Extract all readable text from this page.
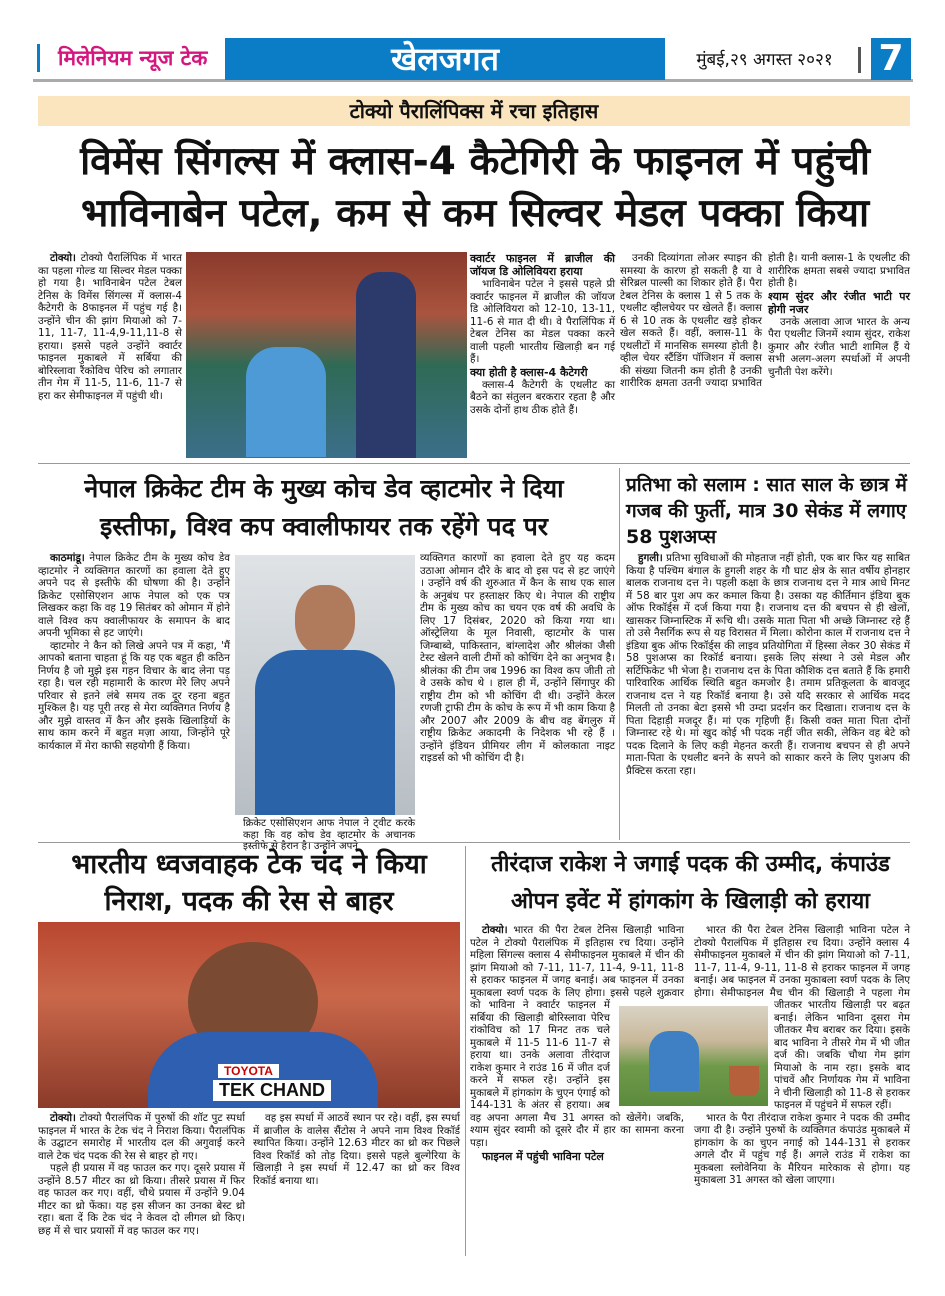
मिलेनियम न्यूज टेक	खेलजगत	मुंबई,२९ अगस्त २०२१	7
टोक्यो पैरालिंपिक्स में रचा इतिहास
विमेंस सिंगल्स में क्लास-4 कैटेगिरी के फाइनल में पहुंची
भाविनाबेन पटेल, कम से कम सिल्वर मेडल पक्का किया

टोक्यो। टोक्यो पैरालिंपिक में भारत का पहला गोल्ड या सिल्वर मेडल पक्का हो गया है। भाविनाबेन पटेल टेबल टेनिस के विमेंस सिंगल्स में क्लास-4 कैटेगरी के 8फाइनल में पहुंच गई है। उन्होंने चीन की झांग मियाओ को 7-11, 11-7, 11-4,9-11,11-8 से हराया। इससे पहले उन्होंने क्वार्टर फाइनल मुकाबले में सर्बिया की बोरिस्लावा रैंकोविच पेरिच को लगातार तीन गेम में 11-5, 11-6, 11-7 से हरा कर सेमीफाइनल में पहुंची थी।

क्वार्टर फाइनल में ब्राजील की जॉयज डि ओलिवियरा हराया

भाविनाबेन पटेल ने इससे पहले प्री क्वार्टर फाइनल में ब्राजील की जॉयज डि ओलिवियरा को 12-10, 13-11, 11-6 से मात दी थी। वे पैरालिंपिक में टेबल टेनिस का मेडल पक्का करने वाली पहली भारतीय खिलाड़ी बन गई हैं।

क्या होती है क्लास-4 कैटेगरी

क्लास-4 कैटेगरी के एथलीट का बैठने का संतुलन बरकरार रहता है और उसके दोनों हाथ ठीक होते हैं।

उनकी दिव्यांगता लोअर स्पाइन की समस्या के कारण हो सकती है या वे सेरिब्रल पाल्सी का शिकार होते हैं। पैरा टेबल टेनिस के क्लास 1 से 5 तक के एथलीट व्हीलचेयर पर खेलते हैं। क्लास 6 से 10 तक के एथलीट खड़े होकर खेल सकते हैं। वहीं, क्लास-11 के एथलीटों में मानसिक समस्या होती है। व्हील चेयर स्टैंडिंग पॉजिशन में क्लास की संख्या जितनी कम होती है उनकी शारीरिक क्षमता उतनी ज्यादा प्रभावित होती है। यानी क्लास-1 के एथलीट की शारीरिक क्षमता सबसे ज्यादा प्रभावित होती है।

श्याम सुंदर और रंजीत भाटी पर होगी नजर

उनके अलावा आज भारत के अन्य पैरा एथलीट जिनमें श्याम सुंदर, राकेश कुमार और रंजीत भाटी शामिल हैं ये सभी अलग-अलग स्पर्धाओं में अपनी चुनौती पेश करेंगे।

नेपाल क्रिकेट टीम के मुख्य कोच डेव व्हाटमोर ने दिया
इस्तीफा, विश्व कप क्वालीफायर तक रहेंगे पद पर

काठमांडू। नेपाल क्रिकेट टीम के मुख्य कोच डेव व्हाटमोर ने व्यक्तिगत कारणों का हवाला देते हुए अपने पद से इस्तीफे की घोषणा की है। उन्होंने क्रिकेट एसोसिएशन आफ नेपाल को एक पत्र लिखकर कहा कि वह 19 सितंबर को ओमान में होने वाले विश्व कप क्वालीफायर के समापन के बाद अपनी भूमिका से हट जाएंगे।

व्हाटमोर ने कैन को लिखे अपने पत्र में कहा, 'मैं आपको बताना चाहता हूं कि यह एक बहुत ही कठिन निर्णय है जो मुझे इस गहन विचार के बाद लेना पड़ रहा है। चल रही महामारी के कारण मेरे लिए अपने परिवार से इतने लंबे समय तक दूर रहना बहुत मुश्किल है। यह पूरी तरह से मेरा व्यक्तिगत निर्णय है और मुझे वास्तव में कैन और इसके खिलाड़ियों के साथ काम करने में बहुत मज़ा आया, जिन्होंने पूरे कार्यकाल में मेरा काफी सहयोगी हैं किया।

क्रिकेट एसोसिएशन आफ नेपाल ने ट्वीट करके कहा कि वह कोच डेव व्हाटमोर के अचानक इस्तीफे से हैरान है। उन्होंने अपने

व्यक्तिगत कारणों का हवाला देते हुए यह कदम उठाआ ओमान दौरे के बाद वो इस पद से हट जाएंगे । उन्होंने वर्ष की शुरुआत में कैन के साथ एक साल के अनुबंध पर हस्ताक्षर किए थे। नेपाल की राष्ट्रीय टीम के मुख्य कोच का चयन एक वर्ष की अवधि के लिए 17 दिसंबर, 2020 को किया गया था। ऑस्ट्रेलिया के मूल निवासी, व्हाटमोर के पास जिम्बाब्वे, पाकिस्तान, बांग्लादेश और श्रीलंका जैसी टेस्ट खेलने वाली टीमों को कोचिंग देने का अनुभव है। श्रीलंका की टीम जब 1996 का विश्व कप जीती तो वे उसके कोच थे । हाल ही में, उन्होंने सिंगापुर की राष्ट्रीय टीम को भी कोचिंग दी थी। उन्होंने केरल रणजी ट्राफी टीम के कोच के रूप में भी काम किया है और 2007 और 2009 के बीच वह बेंगलुरु में राष्ट्रीय क्रिकेट अकादमी के निदेशक भी रहे हैं । उन्होंने इंडियन प्रीमियर लीग में कोलकाता नाइट राइडर्स को भी कोचिंग दी है।

प्रतिभा को सलाम : सात साल के छात्र में गजब की फुर्ती, मात्र 30 सेकंड में लगाए 58 पुशअप्स

हुगली। प्रतिभा सुविधाओं की मोहताज नहीं होती, एक बार फिर यह साबित किया है पश्चिम बंगाल के हुगली शहर के गौ घाट क्षेत्र के सात वर्षीय होनहार बालक राजनाथ दत्त ने। पहली कक्षा के छात्र राजनाथ दत्त ने मात्र आधे मिनट में 58 बार पुश अप कर कमाल किया है। उसका यह कीर्तिमान इंडिया बुक ऑफ रिकॉर्ड्स में दर्ज किया गया है। राजनाथ दत्त की बचपन से ही खेलों, खासकर जिम्नास्टिक में रूचि थी। उसके माता पिता भी अच्छे जिम्नास्ट रहे हैं तो उसे नैसर्गिक रूप से यह विरासत में मिला। कोरोना काल में राजनाथ दत्त ने इंडिया बुक ऑफ रिकॉर्ड्स की लाइव प्रतियोगिता में हिस्सा लेकर 30 सेकंड में 58 पुशअप्स का रिकॉर्ड बनाया। इसके लिए संस्था ने उसे मेडल और सर्टिफिकेट भी भेजा है। राजनाथ दत्त के पिता कौशिक दत्त बताते हैं कि हमारी पारिवारिक आर्थिक स्थिति बहुत कमजोर है। तमाम प्रतिकूलता के बावजूद राजनाथ दत्त ने यह रिकॉर्ड बनाया है। उसे यदि सरकार से आर्थिक मदद मिलती तो उनका बेटा इससे भी उम्दा प्रदर्शन कर दिखाता। राजनाथ दत्त के पिता दिहाड़ी मजदूर हैं। मां एक गृहिणी हैं। किसी वक्त माता पिता दोनों जिम्नास्ट रहे थे। मां खुद कोई भी पदक नहीं जीत सकी, लेकिन वह बेटे को पदक दिलाने के लिए कड़ी मेहनत करती हैं। राजनाथ बचपन से ही अपने माता-पिता के एथलीट बनने के सपने को साकार करने के लिए पुशअप की प्रैक्टिस करता रहा।

भारतीय ध्वजवाहक टेक चंद ने किया
निराश, पदक की रेस से बाहर
TOYOTA
TEK CHAND

टोक्यो। टोक्यो पैरालंपिक में पुरुषों की शॉट पुट स्पर्धा फाइनल में भारत के टेक चंद ने निराश किया। पैरालंपिक के उद्घाटन समारोह में भारतीय दल की अगुवाई करने वाले टेक चंद पदक की रेस से बाहर हो गए।

पहले ही प्रयास में वह फाउल कर गए। दूसरे प्रयास में उन्होंने 8.57 मीटर का थ्रो किया। तीसरे प्रयास में फिर वह फाउल कर गए। वहीं, चौथे प्रयास में उन्होंने 9.04 मीटर का थ्रो फेंका। यह इस सीजन का उनका बेस्ट थ्रो रहा। बता दें कि टेक चंद ने केवल दो लीगल थ्रो किए। छह में से चार प्रयासों में वह फाउल कर गए।

वह इस स्पर्धा में आठवें स्थान पर रहे। वहीं, इस स्पर्धा में ब्राजील के वालेस सैंटोस ने अपने नाम विश्व रिकॉर्ड स्थापित किया। उन्होंने 12.63 मीटर का थ्रो कर पिछले विश्व रिकॉर्ड को तोड़ दिया। इससे पहले बुल्गेरिया के खिलाड़ी ने इस स्पर्धा में 12.47 का थ्रो कर विश्व रिकॉर्ड बनाया था।

तीरंदाज राकेश ने जगाई पदक की उम्मीद, कंपाउंड
ओपन इवेंट में हांगकांग के खिलाड़ी को हराया

टोक्यो। भारत की पैरा टेबल टेनिस खिलाड़ी भाविना पटेल ने टोक्यो पैरालंपिक में इतिहास रच दिया। उन्होंने महिला सिंगल्स क्लास 4 सेमीफाइनल मुकाबले में चीन की झांग मियाओ को 7-11, 11-7, 11-4, 9-11, 11-8 से हराकर फाइनल में जगह बनाई। अब फाइनल में उनका मुकाबला स्वर्ण पदक के लिए होगा। इससे पहले शुक्रवार को भाविना ने क्वार्टर फाइनल में सर्बिया की खिलाड़ी बोरिस्लावा पेरिच रांकोविच को 17 मिनट तक चले मुकाबले में 11-5 11-6 11-7 से हराया था। उनके अलावा तीरंदाज राकेश कुमार ने राउंड 16 में जीत दर्ज करने में सफल रहे। उन्होंने इस मुकाबले में हांगकांग के चुएन एंगाई को 144-131 के अंतर से हराया। अब वह अपना अगला मैच 31 अगस्त को खेलेंगे। जबकि, श्याम सुंदर स्वामी को दूसरे दौर में हार का सामना करना पड़ा।

फाइनल में पहुंची भाविना पटेल

भारत की पैरा टेबल टेनिस खिलाड़ी भाविना पटेल ने टोक्यो पैरालंपिक में इतिहास रच दिया। उन्होंने क्लास 4 सेमीफाइनल मुकाबले में चीन की झांग मियाओ को 7-11, 11-7, 11-4, 9-11, 11-8 से हराकर फाइनल में जगह बनाई। अब फाइनल में उनका मुकाबला स्वर्ण पदक के लिए होगा। सेमीफाइनल मैच चीन की खिलाड़ी ने पहला गेम जीतकर भारतीय खिलाड़ी पर बढ़त बनाई। लेकिन भाविना दूसरा गेम जीतकर मैच बराबर कर दिया। इसके बाद भाविना ने तीसरे गेम में भी जीत दर्ज की। जबकि चौथा गेम झांग मियाओ के नाम रहा। इसके बाद पांचवें और निर्णायक गेम में भाविना ने चीनी खिलाड़ी को 11-8 से हराकर फाइनल में पहुंचने में सफल रहीं।

भारत के पैरा तीरंदाज राकेश कुमार ने पदक की उम्मीद जगा दी है। उन्होंने पुरुषों के व्यक्तिगत कंपाउंड मुकाबले में हांगकांग के का चुएन नगाई को 144-131 से हराकर अगले दौर में पहुंच गई हैं। अगले राउंड में राकेश का मुकबला स्लोवेनिया के मैरियन मारेकाक से होगा। यह मुकाबला 31 अगस्त को खेला जाएगा।
